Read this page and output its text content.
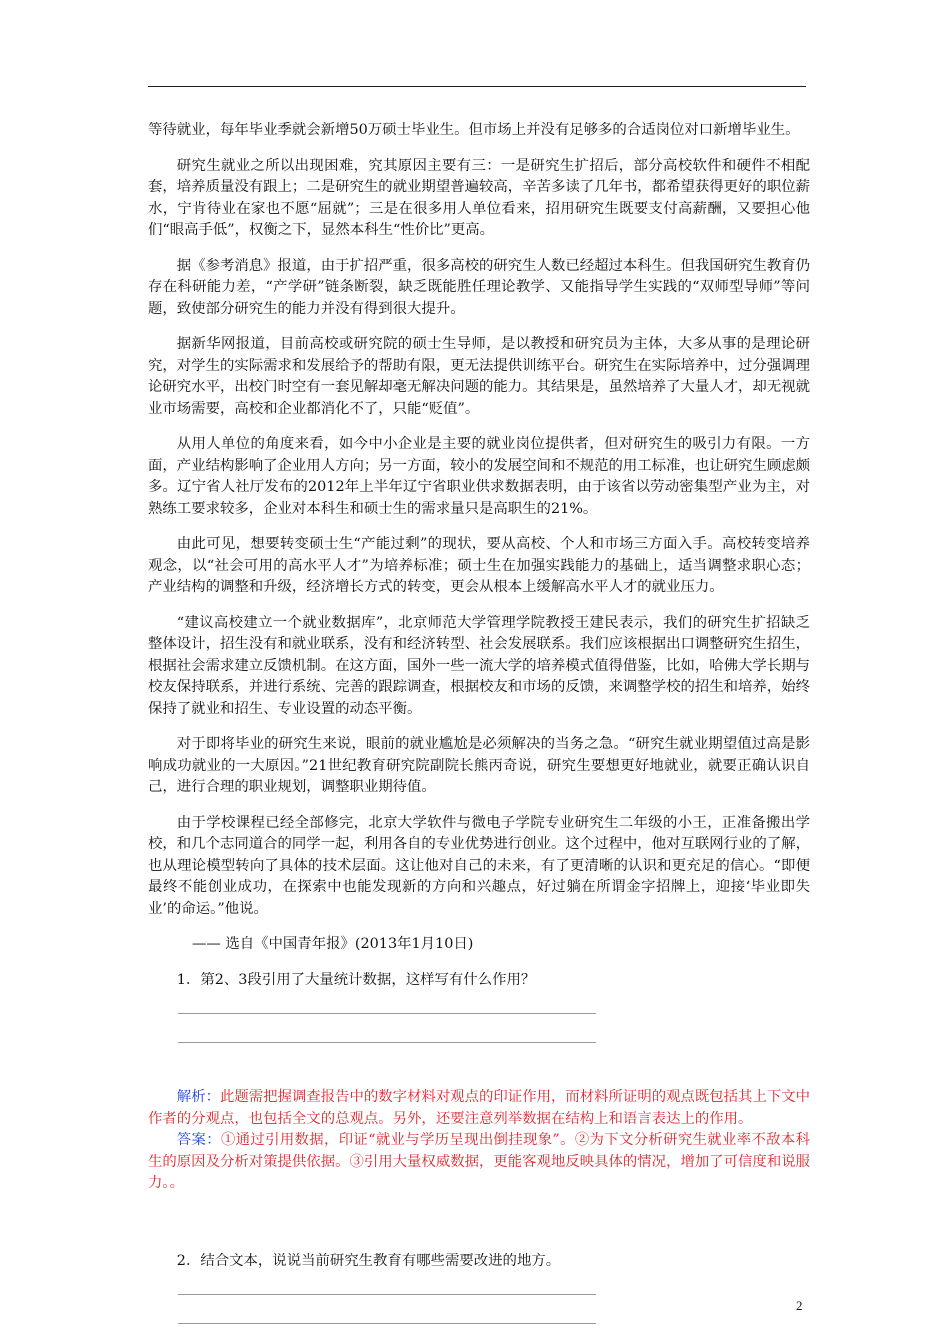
等待就业，每年毕业季就会新增50万硕士毕业生。但市场上并没有足够多的合适岗位对口新增毕业生。

研究生就业之所以出现困难，究其原因主要有三：一是研究生扩招后，部分高校软件和硬件不相配套，培养质量没有跟上；二是研究生的就业期望普遍较高，辛苦多读了几年书，都希望获得更好的职位薪水，宁肯待业在家也不愿“屈就”；三是在很多用人单位看来，招用研究生既要支付高薪酬，又要担心他们“眼高手低”，权衡之下，显然本科生“性价比”更高。

据《参考消息》报道，由于扩招严重，很多高校的研究生人数已经超过本科生。但我国研究生教育仍存在科研能力差，“产学研”链条断裂，缺乏既能胜任理论教学、又能指导学生实践的“双师型导师”等问题，致使部分研究生的能力并没有得到很大提升。

据新华网报道，目前高校或研究院的硕士生导师，是以教授和研究员为主体，大多从事的是理论研究，对学生的实际需求和发展给予的帮助有限，更无法提供训练平台。研究生在实际培养中，过分强调理论研究水平，出校门时空有一套见解却毫无解决问题的能力。其结果是，虽然培养了大量人才，却无视就业市场需要，高校和企业都消化不了，只能“贬值”。

从用人单位的角度来看，如今中小企业是主要的就业岗位提供者，但对研究生的吸引力有限。一方面，产业结构影响了企业用人方向；另一方面，较小的发展空间和不规范的用工标准，也让研究生顾虑颇多。辽宁省人社厅发布的2012年上半年辽宁省职业供求数据表明，由于该省以劳动密集型产业为主，对熟练工要求较多，企业对本科生和硕士生的需求量只是高职生的21%。

由此可见，想要转变硕士生“产能过剩”的现状，要从高校、个人和市场三方面入手。高校转变培养观念，以“社会可用的高水平人才”为培养标准；硕士生在加强实践能力的基础上，适当调整求职心态；产业结构的调整和升级，经济增长方式的转变，更会从根本上缓解高水平人才的就业压力。

“建议高校建立一个就业数据库”，北京师范大学管理学院教授王建民表示，我们的研究生扩招缺乏整体设计，招生没有和就业联系，没有和经济转型、社会发展联系。我们应该根据出口调整研究生招生，根据社会需求建立反馈机制。在这方面，国外一些一流大学的培养模式值得借鉴，比如，哈佛大学长期与校友保持联系，并进行系统、完善的跟踪调查，根据校友和市场的反馈，来调整学校的招生和培养，始终保持了就业和招生、专业设置的动态平衡。

对于即将毕业的研究生来说，眼前的就业尴尬是必须解决的当务之急。“研究生就业期望值过高是影响成功就业的一大原因。”21世纪教育研究院副院长熊丙奇说，研究生要想更好地就业，就要正确认识自己，进行合理的职业规划，调整职业期待值。

由于学校课程已经全部修完，北京大学软件与微电子学院专业研究生二年级的小王，正准备搬出学校，和几个志同道合的同学一起，利用各自的专业优势进行创业。这个过程中，他对互联网行业的了解，也从理论模型转向了具体的技术层面。这让他对自己的未来，有了更清晰的认识和更充足的信心。“即便最终不能创业成功，在探索中也能发现新的方向和兴趣点，好过躺在所谓金字招牌上，迎接‘毕业即失业’的命运。”他说。

—— 选自《中国青年报》(2013年1月10日)

1．第2、3段引用了大量统计数据，这样写有什么作用？

解析：此题需把握调查报告中的数字材料对观点的印证作用，而材料所证明的观点既包括其上下文中作者的分观点，也包括全文的总观点。另外，还要注意列举数据在结构上和语言表达上的作用。

答案：①通过引用数据，印证“就业与学历呈现出倒挂现象”。②为下文分析研究生就业率不敌本科生的原因及分析对策提供依据。③引用大量权威数据，更能客观地反映具体的情况，增加了可信度和说服力。。

2．结合文本，说说当前研究生教育有哪些需要改进的地方。

2
